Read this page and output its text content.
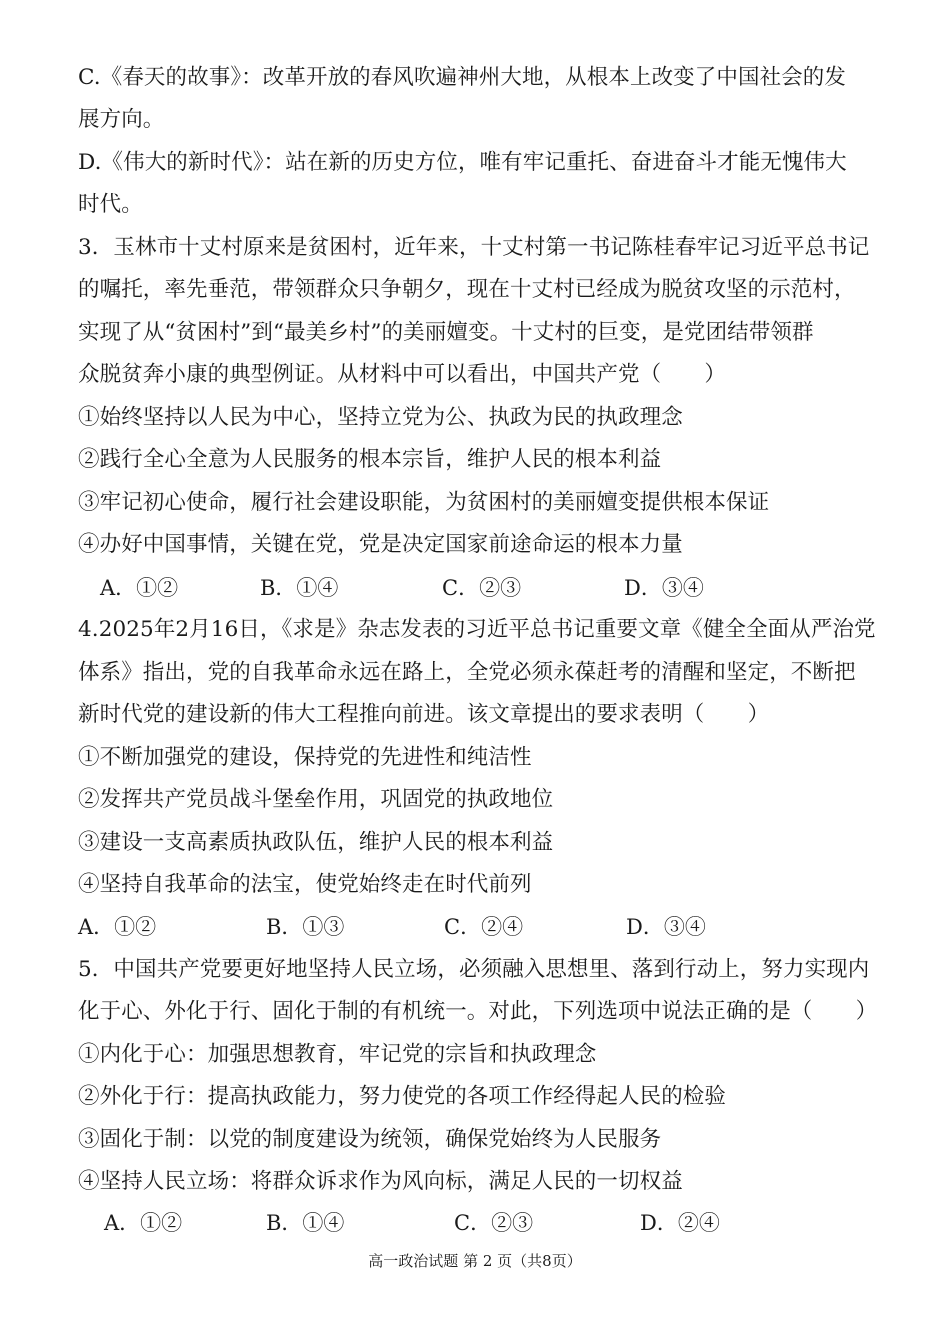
C.《春天的故事》：改革开放的春风吹遍神州大地，从根本上改变了中国社会的发
展方向。
D.《伟大的新时代》：站在新的历史方位，唯有牢记重托、奋进奋斗才能无愧伟大
时代。
3．玉林市十丈村原来是贫困村，近年来，十丈村第一书记陈桂春牢记习近平总书记
的嘱托，率先垂范，带领群众只争朝夕，现在十丈村已经成为脱贫攻坚的示范村，
实现了从“贫困村”到“最美乡村”的美丽嬗变。十丈村的巨变，是党团结带领群
众脱贫奔小康的典型例证。从材料中可以看出，中国共产党（　　）
①始终坚持以人民为中心，坚持立党为公、执政为民的执政理念
②践行全心全意为人民服务的根本宗旨，维护人民的根本利益
③牢记初心使命，履行社会建设职能，为贫困村的美丽嬗变提供根本保证
④办好中国事情，关键在党，党是决定国家前途命运的根本力量
A．①②	B．①④	C．②③	D．③④
4.2025年2月16日，《求是》杂志发表的习近平总书记重要文章《健全全面从严治党
体系》指出，党的自我革命永远在路上，全党必须永葆赶考的清醒和坚定，不断把
新时代党的建设新的伟大工程推向前进。该文章提出的要求表明（　　）
①不断加强党的建设，保持党的先进性和纯洁性
②发挥共产党员战斗堡垒作用，巩固党的执政地位
③建设一支高素质执政队伍，维护人民的根本利益
④坚持自我革命的法宝，使党始终走在时代前列
A．①②	B．①③	C．②④	D．③④
5．中国共产党要更好地坚持人民立场，必须融入思想里、落到行动上，努力实现内
化于心、外化于行、固化于制的有机统一。对此，下列选项中说法正确的是（　　）
①内化于心：加强思想教育，牢记党的宗旨和执政理念
②外化于行：提高执政能力，努力使党的各项工作经得起人民的检验
③固化于制：以党的制度建设为统领，确保党始终为人民服务
④坚持人民立场：将群众诉求作为风向标，满足人民的一切权益
A．①②	B．①④	C．②③	D．②④
高一政治试题 第 2 页（共8页）
